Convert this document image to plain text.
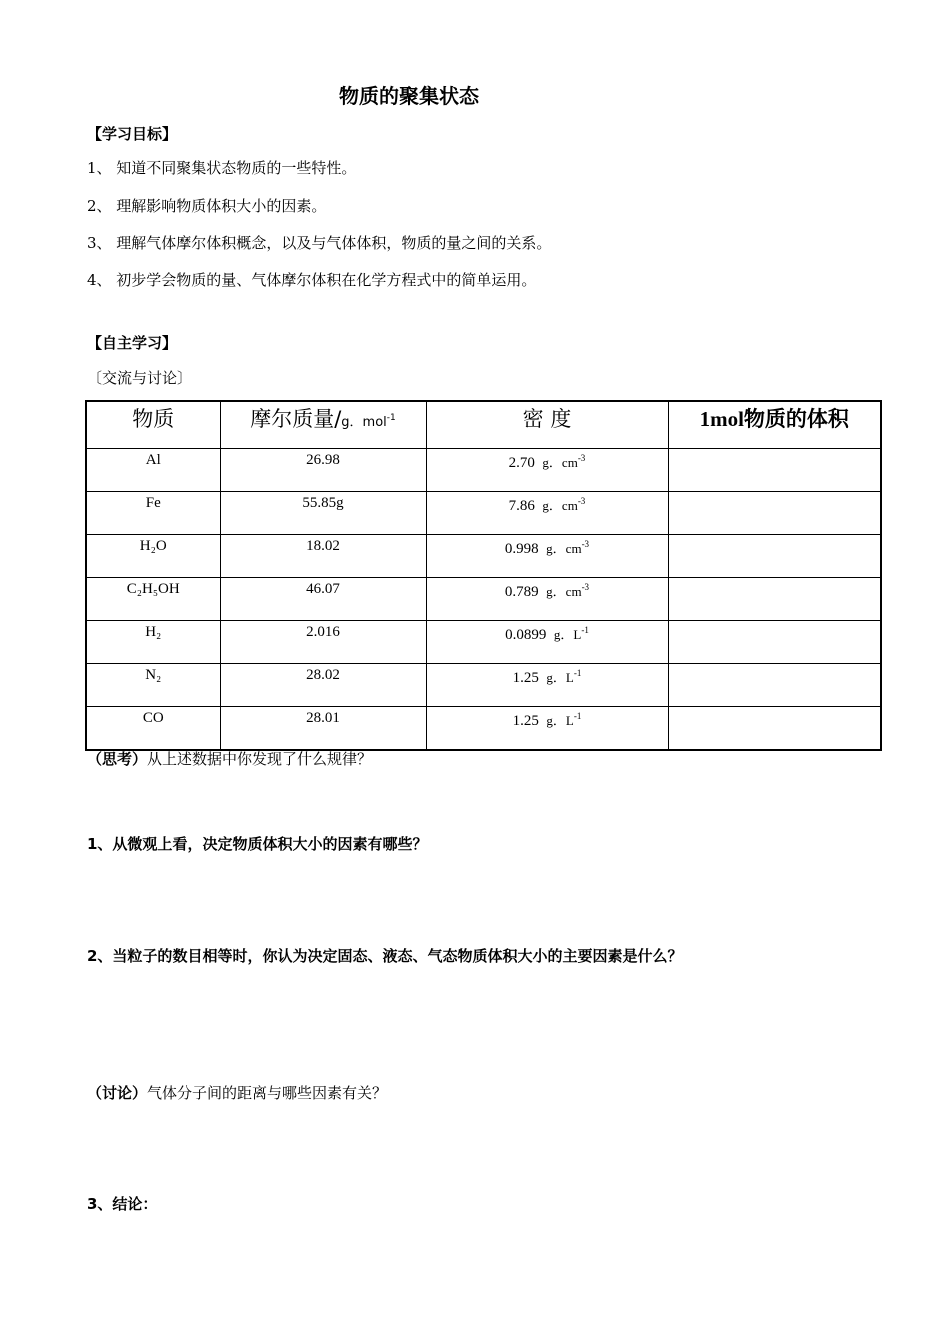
物质的聚集状态
【学习目标】
1、 知道不同聚集状态物质的一些特性。
2、 理解影响物质体积大小的因素。
3、 理解气体摩尔体积概念，以及与气体体积，物质的量之间的关系。
4、 初步学会物质的量、气体摩尔体积在化学方程式中的简单运用。
【自主学习】
〔交流与讨论〕
物质	摩尔质量/g．mol$^{-1}$	密 度	1mol物质的体积
Al	26.98	2.70 g．$cm^{-3}$	
Fe	55.85g	7.86 g．$cm^{-3}$	
H₂O	18.02	0.998 g．$cm^{-3}$	
C₂H₅OH	46.07	0.789 g．$cm^{-3}$	
H₂	2.016	0.0899 g．$L^{-1}$	
N₂	28.02	1.25 g．$L^{-1}$	
CO	28.01	1.25 g．$L^{-1}$	
（思考）从上述数据中你发现了什么规律？
1、从微观上看，决定物质体积大小的因素有哪些？
2、当粒子的数目相等时，你认为决定固态、液态、气态物质体积大小的主要因素是什么？
（讨论）气体分子间的距离与哪些因素有关？
3、结论：
